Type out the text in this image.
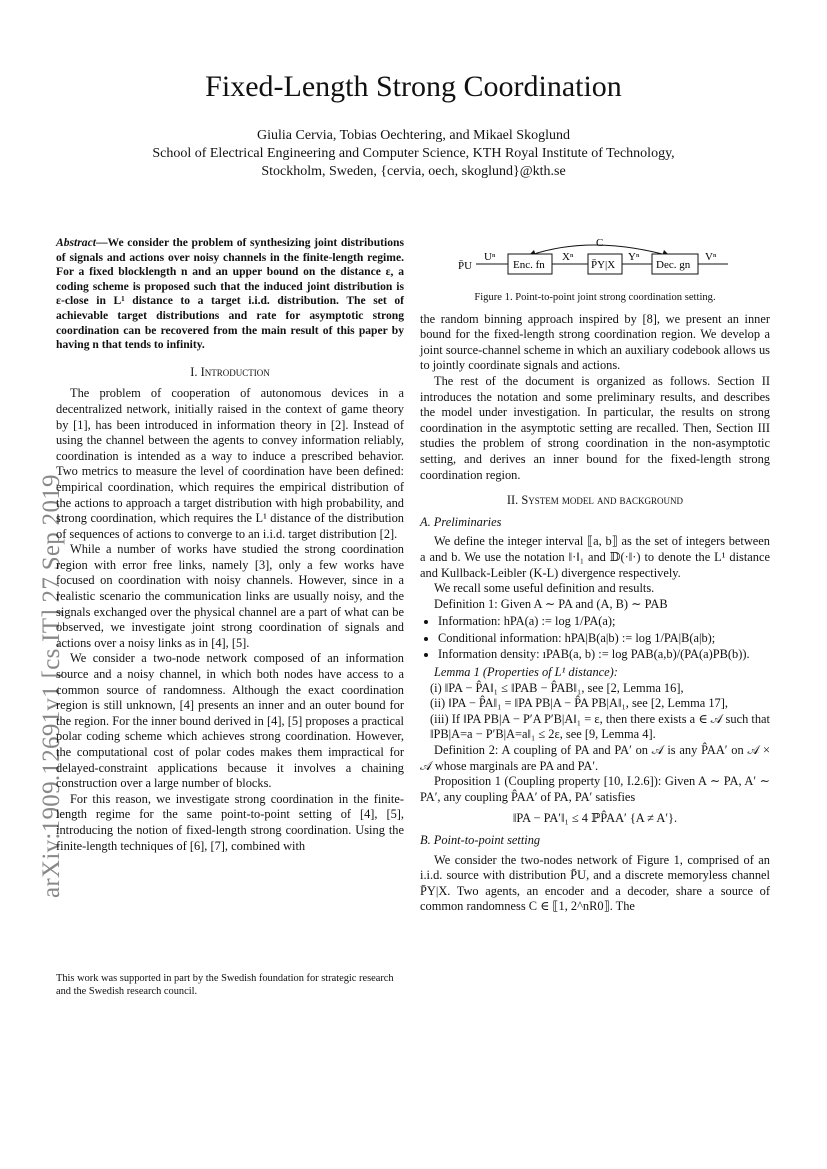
arXiv:1909.12691v1 [cs.IT] 27 Sep 2019
Fixed-Length Strong Coordination
Giulia Cervia, Tobias Oechtering, and Mikael Skoglund
School of Electrical Engineering and Computer Science, KTH Royal Institute of Technology,
Stockholm, Sweden, {cervia, oech, skoglund}@kth.se
Abstract—We consider the problem of synthesizing joint distributions of signals and actions over noisy channels in the finite-length regime. For a fixed blocklength n and an upper bound on the distance ε, a coding scheme is proposed such that the induced joint distribution is ε-close in L¹ distance to a target i.i.d. distribution. The set of achievable target distributions and rate for asymptotic strong coordination can be recovered from the main result of this paper by having n that tends to infinity.
I. Introduction

The problem of cooperation of autonomous devices in a decentralized network, initially raised in the context of game theory by [1], has been introduced in information theory in [2]. Instead of using the channel between the agents to convey information reliably, coordination is intended as a way to induce a prescribed behavior. Two metrics to measure the level of coordination have been defined: empirical coordination, which requires the empirical distribution of the actions to approach a target distribution with high probability, and strong coordination, which requires the L¹ distance of the distribution of sequences of actions to converge to an i.i.d. target distribution [2].

While a number of works have studied the strong coordination region with error free links, namely [3], only a few works have focused on coordination with noisy channels. However, since in a realistic scenario the communication links are usually noisy, and the signals exchanged over the physical channel are a part of what can be observed, we investigate joint strong coordination of signals and actions over a noisy links as in [4], [5].

We consider a two-node network composed of an information source and a noisy channel, in which both nodes have access to a common source of randomness. Although the exact coordination region is still unknown, [4] presents an inner and an outer bound for the region. For the inner bound derived in [4], [5] proposes a practical polar coding scheme which achieves strong coordination. However, the computational cost of polar codes makes them impractical for delayed-constraint applications because it involves a chaining construction over a large number of blocks.

For this reason, we investigate strong coordination in the finite-length regime for the same point-to-point setting of [4], [5], introducing the notion of fixed-length strong coordination. Using the finite-length techniques of [6], [7], combined with

This work was supported in part by the Swedish foundation for strategic research and the Swedish research council.
C
P̄U
Uⁿ
Enc. fn
Xⁿ
P̄Y|X
Yⁿ
Dec. gn
Vⁿ
Figure 1. Point-to-point joint strong coordination setting.

the random binning approach inspired by [8], we present an inner bound for the fixed-length strong coordination region. We develop a joint source-channel scheme in which an auxiliary codebook allows us to jointly coordinate signals and actions.

The rest of the document is organized as follows. Section II introduces the notation and some preliminary results, and describes the model under investigation. In particular, the results on strong coordination in the asymptotic setting are recalled. Then, Section III studies the problem of strong coordination in the non-asymptotic setting, and derives an inner bound for the fixed-length strong coordination region.

II. System model and background
A. Preliminaries

We define the integer interval ⟦a, b⟧ as the set of integers between a and b. We use the notation ‖·‖₁ and 𝔻(·‖·) to denote the L¹ distance and Kullback-Leibler (K-L) divergence respectively.

We recall some useful definition and results.

Definition 1: Given A ∼ PA and (A, B) ∼ PAB

• Information: hPA(a) := log 1/PA(a);
• Conditional information: hPA|B(a|b) := log 1/PA|B(a|b);
• Information density: ıPAB(a, b) := log PAB(a,b)/(PA(a)PB(b)).

Lemma 1 (Properties of L¹ distance):

(i) ‖PA − P̂A‖₁ ≤ ‖PAB − P̂AB‖₁, see [2, Lemma 16],
(ii) ‖PA − P̂A‖₁ = ‖PA PB|A − P̂A PB|A‖₁, see [2, Lemma 17],
(iii) If ‖PA PB|A − P′A P′B|A‖₁ = ε, then there exists a ∈ 𝒜 such that ‖PB|A=a − P′B|A=a‖₁ ≤ 2ε, see [9, Lemma 4].

Definition 2: A coupling of PA and PA′ on 𝒜 is any P̂AA′ on 𝒜 × 𝒜 whose marginals are PA and PA′.

Proposition 1 (Coupling property [10, I.2.6]): Given A ∼ PA, A′ ∼ PA′, any coupling P̂AA′ of PA, PA′ satisfies

‖PA − PA′‖₁ ≤ 4 ℙP̂AA′ {A ≠ A′}.
B. Point-to-point setting

We consider the two-nodes network of Figure 1, comprised of an i.i.d. source with distribution P̄U, and a discrete memoryless channel P̄Y|X. Two agents, an encoder and a decoder, share a source of common randomness C ∈ ⟦1, 2^nR0⟧. The
